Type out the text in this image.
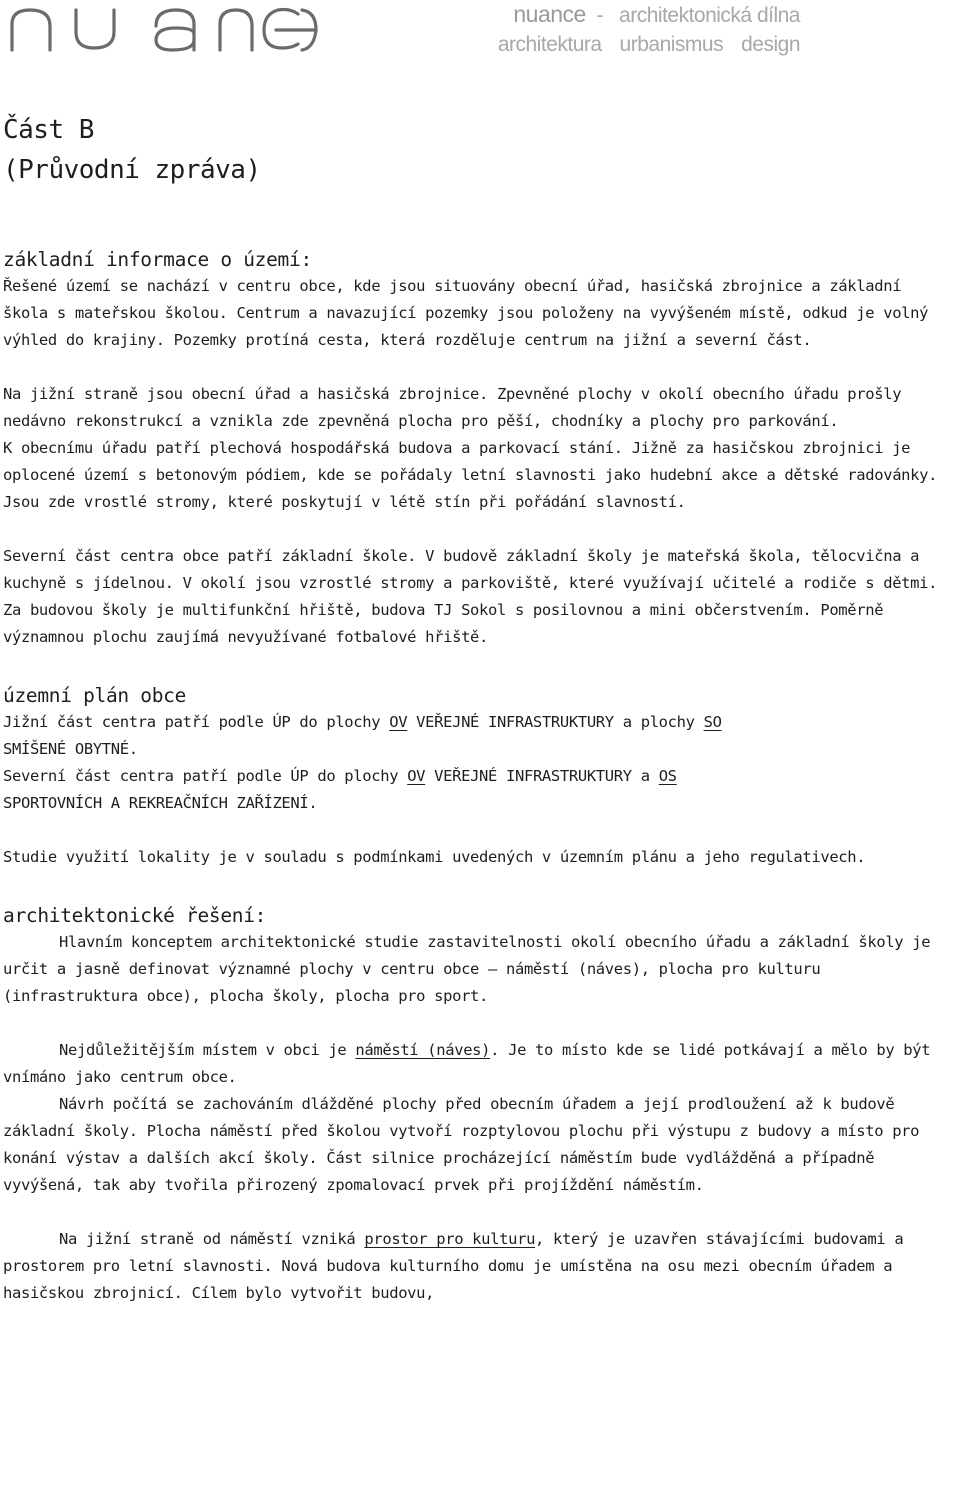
nuance  -   architektonická dílna
architektura urbanismus design
Část B
(Průvodní zpráva)
základní informace o území:

Řešené území se nachází v centru obce, kde jsou situovány obecní úřad, hasičská zbrojnice a základní škola s mateřskou školou. Centrum a navazující pozemky jsou položeny na vyvýšeném místě, odkud je volný výhled do krajiny. Pozemky protíná cesta, která rozděluje centrum na jižní a severní část.

Na jižní straně jsou obecní úřad a hasičská zbrojnice. Zpevněné plochy v okolí obecního úřadu prošly nedávno rekonstrukcí a vznikla zde zpevněná plocha pro pěší, chodníky a plochy pro parkování.

K obecnímu úřadu patří plechová hospodářská budova a parkovací stání. Jižně za hasičskou zbrojnici je oplocené území s betonovým pódiem, kde se pořádaly letní slavnosti jako hudební akce a dětské radovánky. Jsou zde vrostlé stromy, které poskytují v létě stín při pořádání slavností.

Severní část centra obce patří základní škole. V budově základní školy je mateřská škola, tělocvična a kuchyně s jídelnou. V okolí jsou vzrostlé stromy a parkoviště, které využívají učitelé a rodiče s dětmi. Za budovou školy je multifunkční hřiště, budova TJ Sokol s posilovnou a mini občerstvením. Poměrně významnou plochu zaujímá nevyužívané fotbalové hřiště.

územní plán obce

Jižní část centra patří podle ÚP do plochy OV VEŘEJNÉ INFRASTRUKTURY a plochy SO
SMÍŠENÉ OBYTNÉ.

Severní část centra patří podle ÚP do plochy OV VEŘEJNÉ INFRASTRUKTURY a OS
SPORTOVNÍCH A REKREAČNÍCH ZAŘÍZENÍ.

Studie využití lokality je v souladu s podmínkami uvedených v územním plánu a jeho regulativech.

architektonické řešení:

Hlavním konceptem architektonické studie zastavitelnosti okolí obecního úřadu a základní školy je určit a jasně definovat významné plochy v centru obce – náměstí (náves), plocha pro kulturu (infrastruktura obce), plocha školy, plocha pro sport.

Nejdůležitějším místem v obci je náměstí (náves). Je to místo kde se lidé potkávají a mělo by být vnímáno jako centrum obce.

Návrh počítá se zachováním dlážděné plochy před obecním úřadem a její prodloužení až k budově základní školy. Plocha náměstí před školou vytvoří rozptylovou plochu při výstupu z budovy a místo pro konání výstav a dalších akcí školy. Část silnice procházející náměstím bude vydlážděná a případně vyvýšená, tak aby tvořila přirozený zpomalovací prvek při projíždění náměstím.

Na jižní straně od náměstí vzniká prostor pro kulturu, který je uzavřen stávajícími budovami a prostorem pro letní slavnosti. Nová budova kulturního domu je umístěna na osu mezi obecním úřadem a hasičskou zbrojnicí. Cílem bylo vytvořit budovu,
